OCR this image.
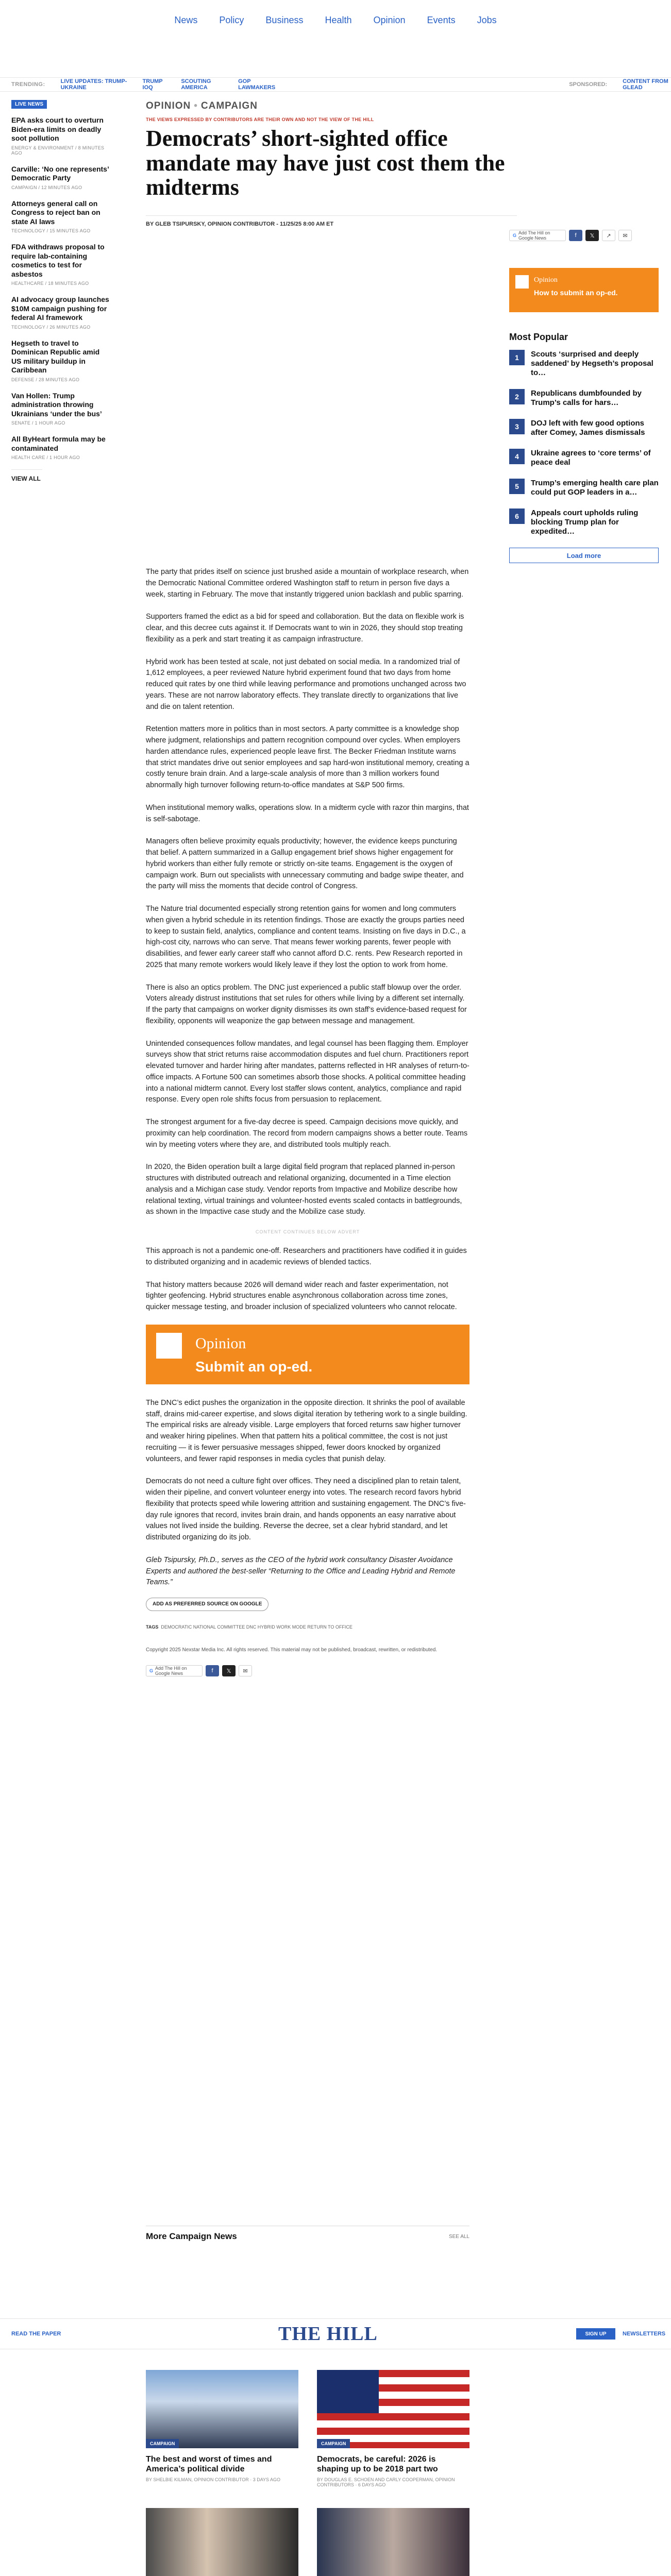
News Policy Business Health Opinion Events Jobs
TRENDING:	LIVE UPDATES: TRUMP-UKRAINE
TRUMP IOQ
SCOUTING AMERICA
GOP LAWMAKERS	SPONSORED:	CONTENT FROM GLEAD
LIVE NEWS
EPA asks court to overturn Biden-era limits on deadly soot pollution
ENERGY & ENVIRONMENT / 8 MINUTES AGO
Carville: ‘No one represents’ Democratic Party
CAMPAIGN / 12 MINUTES AGO
Attorneys general call on Congress to reject ban on state AI laws
TECHNOLOGY / 15 MINUTES AGO
FDA withdraws proposal to require lab-containing cosmetics to test for asbestos
HEALTHCARE / 18 MINUTES AGO
AI advocacy group launches $10M campaign pushing for federal AI framework
TECHNOLOGY / 26 MINUTES AGO
Hegseth to travel to Dominican Republic amid US military buildup in Caribbean
DEFENSE / 28 MINUTES AGO
Van Hollen: Trump administration throwing Ukrainians ‘under the bus’
SENATE / 1 HOUR AGO
All ByHeart formula may be contaminated
HEALTH CARE / 1 HOUR AGO
VIEW ALL
OPINION • CAMPAIGN
THE VIEWS EXPRESSED BY CONTRIBUTORS ARE THEIR OWN AND NOT THE VIEW OF THE HILL
Democrats’ short-sighted office mandate may have just cost them the midterms
BY GLEB TSIPURSKY, OPINION CONTRIBUTOR - 11/25/25 8:00 AM ET
G Add The Hill on Google News	f	𝕏	↗	✉
Opinion
How to submit an op-ed.
Most Popular
1	Scouts ‘surprised and deeply saddened’ by Hegseth’s proposal to…
2	Republicans dumbfounded by Trump’s calls for hars…
3	DOJ left with few good options after Comey, James dismissals
4	Ukraine agrees to ‘core terms’ of peace deal
5	Trump’s emerging health care plan could put GOP leaders in a…
6	Appeals court upholds ruling blocking Trump plan for expedited…
Load more

The party that prides itself on science just brushed aside a mountain of workplace research, when the Democratic National Committee ordered Washington staff to return in person five days a week, starting in February. The move that instantly triggered union backlash and public sparring.

Supporters framed the edict as a bid for speed and collaboration. But the data on flexible work is clear, and this decree cuts against it. If Democrats want to win in 2026, they should stop treating flexibility as a perk and start treating it as campaign infrastructure.

Hybrid work has been tested at scale, not just debated on social media. In a randomized trial of 1,612 employees, a peer reviewed Nature hybrid experiment found that two days from home reduced quit rates by one third while leaving performance and promotions unchanged across two years. These are not narrow laboratory effects. They translate directly to organizations that live and die on talent retention.

Retention matters more in politics than in most sectors. A party committee is a knowledge shop where judgment, relationships and pattern recognition compound over cycles. When employers harden attendance rules, experienced people leave first. The Becker Friedman Institute warns that strict mandates drive out senior employees and sap hard-won institutional memory, creating a costly tenure brain drain. And a large-scale analysis of more than 3 million workers found abnormally high turnover following return-to-office mandates at S&P 500 firms.

When institutional memory walks, operations slow. In a midterm cycle with razor thin margins, that is self-sabotage.

Managers often believe proximity equals productivity; however, the evidence keeps puncturing that belief. A pattern summarized in a Gallup engagement brief shows higher engagement for hybrid workers than either fully remote or strictly on-site teams. Engagement is the oxygen of campaign work. Burn out specialists with unnecessary commuting and badge swipe theater, and the party will miss the moments that decide control of Congress.

The Nature trial documented especially strong retention gains for women and long commuters when given a hybrid schedule in its retention findings. Those are exactly the groups parties need to keep to sustain field, analytics, compliance and content teams. Insisting on five days in D.C., a high-cost city, narrows who can serve. That means fewer working parents, fewer people with disabilities, and fewer early career staff who cannot afford D.C. rents. Pew Research reported in 2025 that many remote workers would likely leave if they lost the option to work from home.

There is also an optics problem. The DNC just experienced a public staff blowup over the order. Voters already distrust institutions that set rules for others while living by a different set internally. If the party that campaigns on worker dignity dismisses its own staff’s evidence-based request for flexibility, opponents will weaponize the gap between message and management.

Unintended consequences follow mandates, and legal counsel has been flagging them. Employer surveys show that strict returns raise accommodation disputes and fuel churn. Practitioners report elevated turnover and harder hiring after mandates, patterns reflected in HR analyses of return-to-office impacts. A Fortune 500 can sometimes absorb those shocks. A political committee heading into a national midterm cannot. Every lost staffer slows content, analytics, compliance and rapid response. Every open role shifts focus from persuasion to replacement.

The strongest argument for a five-day decree is speed. Campaign decisions move quickly, and proximity can help coordination. The record from modern campaigns shows a better route. Teams win by meeting voters where they are, and distributed tools multiply reach.

In 2020, the Biden operation built a large digital field program that replaced planned in-person structures with distributed outreach and relational organizing, documented in a Time election analysis and a Michigan case study. Vendor reports from Impactive and Mobilize describe how relational texting, virtual trainings and volunteer-hosted events scaled contacts in battlegrounds, as shown in the Impactive case study and the Mobilize case study.

CONTENT CONTINUES BELOW ADVERT

This approach is not a pandemic one-off. Researchers and practitioners have codified it in guides to distributed organizing and in academic reviews of blended tactics.

That history matters because 2026 will demand wider reach and faster experimentation, not tighter geofencing. Hybrid structures enable asynchronous collaboration across time zones, quicker message testing, and broader inclusion of specialized volunteers who cannot relocate.

Opinion
Submit an op-ed.

The DNC’s edict pushes the organization in the opposite direction. It shrinks the pool of available staff, drains mid-career expertise, and slows digital iteration by tethering work to a single building. The empirical risks are already visible. Large employers that forced returns saw higher turnover and weaker hiring pipelines. When that pattern hits a political committee, the cost is not just recruiting — it is fewer persuasive messages shipped, fewer doors knocked by organized volunteers, and fewer rapid responses in media cycles that punish delay.

Democrats do not need a culture fight over offices. They need a disciplined plan to retain talent, widen their pipeline, and convert volunteer energy into votes. The research record favors hybrid flexibility that protects speed while lowering attrition and sustaining engagement. The DNC’s five-day rule ignores that record, invites brain drain, and hands opponents an easy narrative about values not lived inside the building. Reverse the decree, set a clear hybrid standard, and let distributed organizing do its job.

Gleb Tsipursky, Ph.D., serves as the CEO of the hybrid work consultancy Disaster Avoidance Experts and authored the best-seller “Returning to the Office and Leading Hybrid and Remote Teams.”
ADD AS PREFERRED SOURCE ON GOOGLE
TAGS DEMOCRATIC NATIONAL COMMITTEE DNC HYBRID WORK MODE RETURN TO OFFICE
Copyright 2025 Nexstar Media Inc. All rights reserved. This material may not be published, broadcast, rewritten, or redistributed.
G Add The Hill on Google News	f	𝕏	✉
More Campaign News	SEE ALL
READ THE PAPER	THE HILL	SIGN UP	NEWSLETTERS
CAMPAIGN
The best and worst of times and America’s political divide
BY SHELBIE KILMAN, OPINION CONTRIBUTOR · 3 DAYS AGO
CAMPAIGN
Democrats, be careful: 2026 is shaping up to be 2018 part two
BY DOUGLAS E. SCHOEN AND CARLY COOPERMAN, OPINION CONTRIBUTORS · 6 DAYS AGO
